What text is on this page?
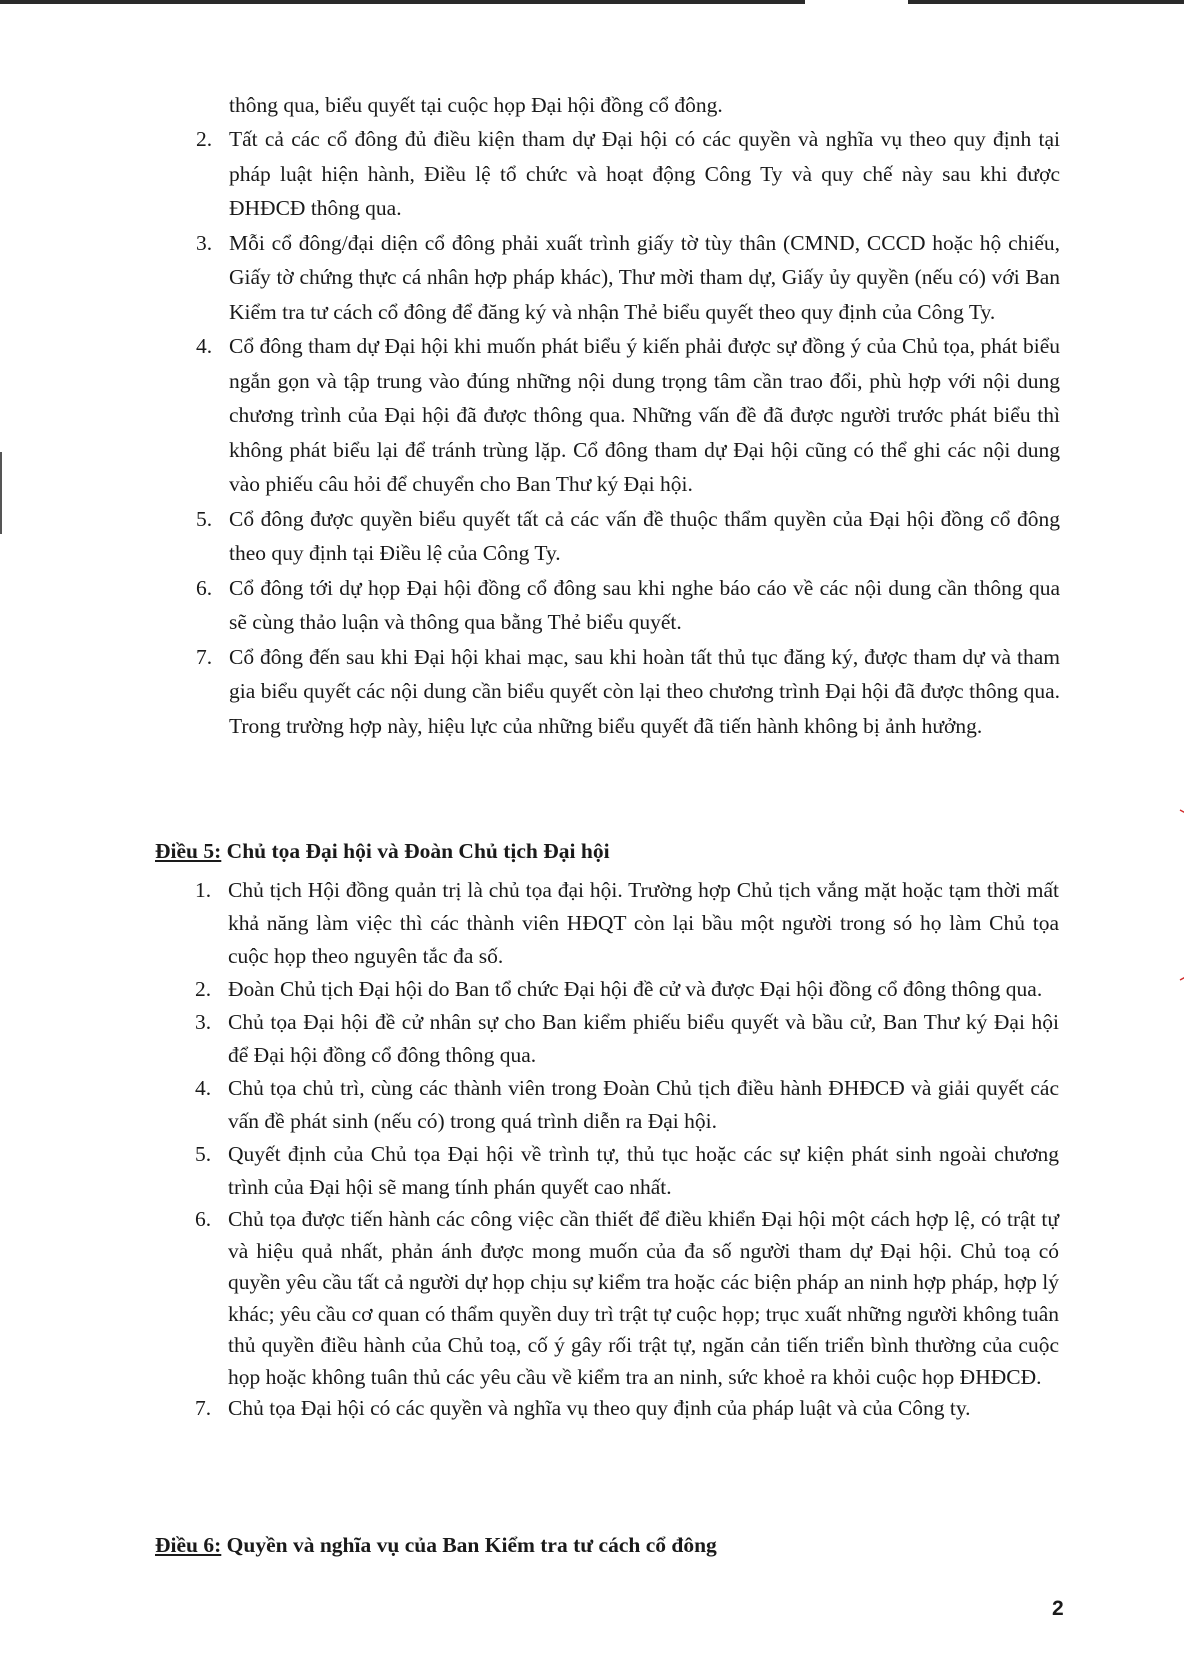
thông qua, biểu quyết tại cuộc họp Đại hội đồng cổ đông.

2. Tất cả các cổ đông đủ điều kiện tham dự Đại hội có các quyền và nghĩa vụ theo quy định tại pháp luật hiện hành, Điều lệ tổ chức và hoạt động Công Ty và quy chế này sau khi được ĐHĐCĐ thông qua.
3. Mỗi cổ đông/đại diện cổ đông phải xuất trình giấy tờ tùy thân (CMND, CCCD hoặc hộ chiếu, Giấy tờ chứng thực cá nhân hợp pháp khác), Thư mời tham dự, Giấy ủy quyền (nếu có) với Ban Kiểm tra tư cách cổ đông để đăng ký và nhận Thẻ biểu quyết theo quy định của Công Ty.
4. Cổ đông tham dự Đại hội khi muốn phát biểu ý kiến phải được sự đồng ý của Chủ tọa, phát biểu ngắn gọn và tập trung vào đúng những nội dung trọng tâm cần trao đổi, phù hợp với nội dung chương trình của Đại hội đã được thông qua. Những vấn đề đã được người trước phát biểu thì không phát biểu lại để tránh trùng lặp. Cổ đông tham dự Đại hội cũng có thể ghi các nội dung vào phiếu câu hỏi để chuyển cho Ban Thư ký Đại hội.
5. Cổ đông được quyền biểu quyết tất cả các vấn đề thuộc thẩm quyền của Đại hội đồng cổ đông theo quy định tại Điều lệ của Công Ty.
6. Cổ đông tới dự họp Đại hội đồng cổ đông sau khi nghe báo cáo về các nội dung cần thông qua sẽ cùng thảo luận và thông qua bằng Thẻ biểu quyết.
7. Cổ đông đến sau khi Đại hội khai mạc, sau khi hoàn tất thủ tục đăng ký, được tham dự và tham gia biểu quyết các nội dung cần biểu quyết còn lại theo chương trình Đại hội đã được thông qua. Trong trường hợp này, hiệu lực của những biểu quyết đã tiến hành không bị ảnh hưởng.

Điều 5: Chủ tọa Đại hội và Đoàn Chủ tịch Đại hội

1. Chủ tịch Hội đồng quản trị là chủ tọa đại hội. Trường hợp Chủ tịch vắng mặt hoặc tạm thời mất khả năng làm việc thì các thành viên HĐQT còn lại bầu một người trong só họ làm Chủ tọa cuộc họp theo nguyên tắc đa số.
2. Đoàn Chủ tịch Đại hội do Ban tổ chức Đại hội đề cử và được Đại hội đồng cổ đông thông qua.
3. Chủ tọa Đại hội đề cử nhân sự cho Ban kiểm phiếu biểu quyết và bầu cử, Ban Thư ký Đại hội để Đại hội đồng cổ đông thông qua.
4. Chủ tọa chủ trì, cùng các thành viên trong Đoàn Chủ tịch điều hành ĐHĐCĐ và giải quyết các vấn đề phát sinh (nếu có) trong quá trình diễn ra Đại hội.
5. Quyết định của Chủ tọa Đại hội về trình tự, thủ tục hoặc các sự kiện phát sinh ngoài chương trình của Đại hội sẽ mang tính phán quyết cao nhất.
6. Chủ tọa được tiến hành các công việc cần thiết để điều khiển Đại hội một cách hợp lệ, có trật tự và hiệu quả nhất, phản ánh được mong muốn của đa số người tham dự Đại hội. Chủ toạ có quyền yêu cầu tất cả người dự họp chịu sự kiểm tra hoặc các biện pháp an ninh hợp pháp, hợp lý khác; yêu cầu cơ quan có thẩm quyền duy trì trật tự cuộc họp; trục xuất những người không tuân thủ quyền điều hành của Chủ toạ, cố ý gây rối trật tự, ngăn cản tiến triển bình thường của cuộc họp hoặc không tuân thủ các yêu cầu về kiểm tra an ninh, sức khoẻ ra khỏi cuộc họp ĐHĐCĐ.
7. Chủ tọa Đại hội có các quyền và nghĩa vụ theo quy định của pháp luật và của Công ty.

Điều 6: Quyền và nghĩa vụ của Ban Kiểm tra tư cách cổ đông

2
